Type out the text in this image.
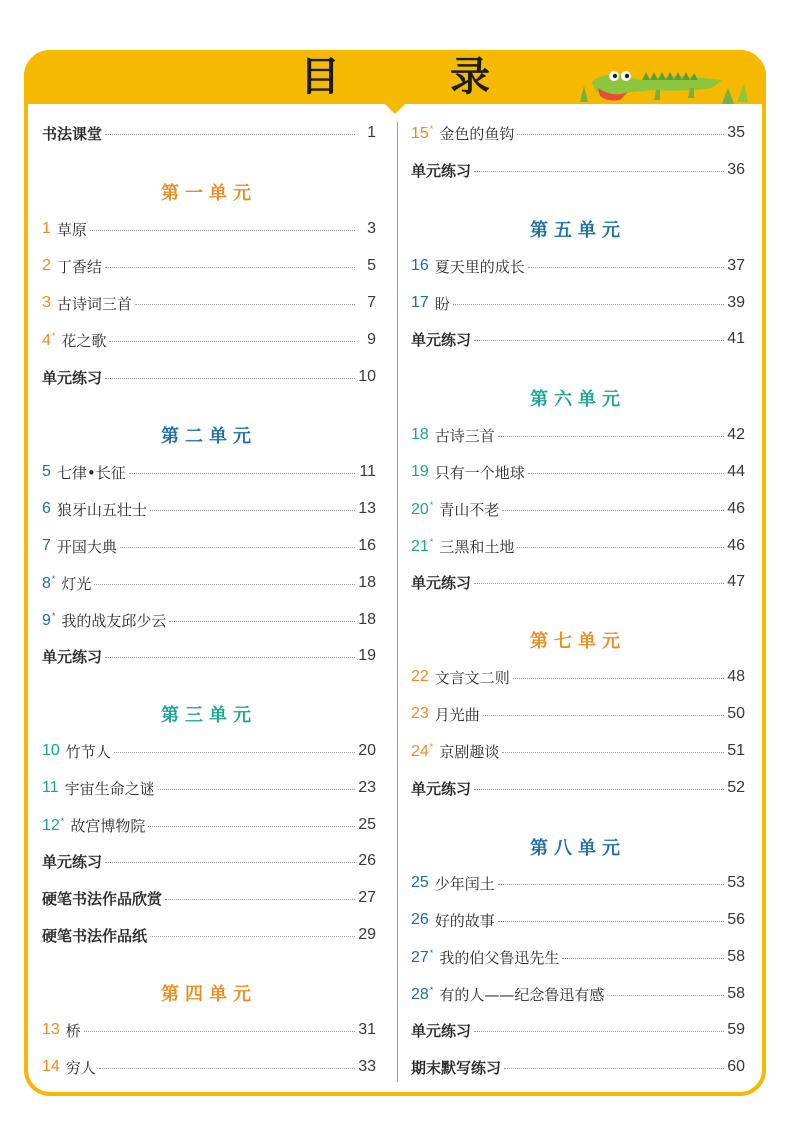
目 录
书法课堂	1
第一单元
1 草原	3
2 丁香结	5
3 古诗词三首	7
4* 花之歌	9
单元练习	10
第二单元
5 七律•长征	11
6 狼牙山五壮士	13
7 开国大典	16
8* 灯光	18
9* 我的战友邱少云	18
单元练习	19
第三单元
10 竹节人	20
11 宇宙生命之谜	23
12* 故宫博物院	25
单元练习	26
硬笔书法作品欣赏	27
硬笔书法作品纸	29
第四单元
13 桥	31
14 穷人	33
15* 金色的鱼钩	35
单元练习	36
第五单元
16 夏天里的成长	37
17 盼	39
单元练习	41
第六单元
18 古诗三首	42
19 只有一个地球	44
20* 青山不老	46
21* 三黑和土地	46
单元练习	47
第七单元
22 文言文二则	48
23 月光曲	50
24* 京剧趣谈	51
单元练习	52
第八单元
25 少年闰土	53
26 好的故事	56
27* 我的伯父鲁迅先生	58
28* 有的人——纪念鲁迅有感	58
单元练习	59
期末默写练习	60
